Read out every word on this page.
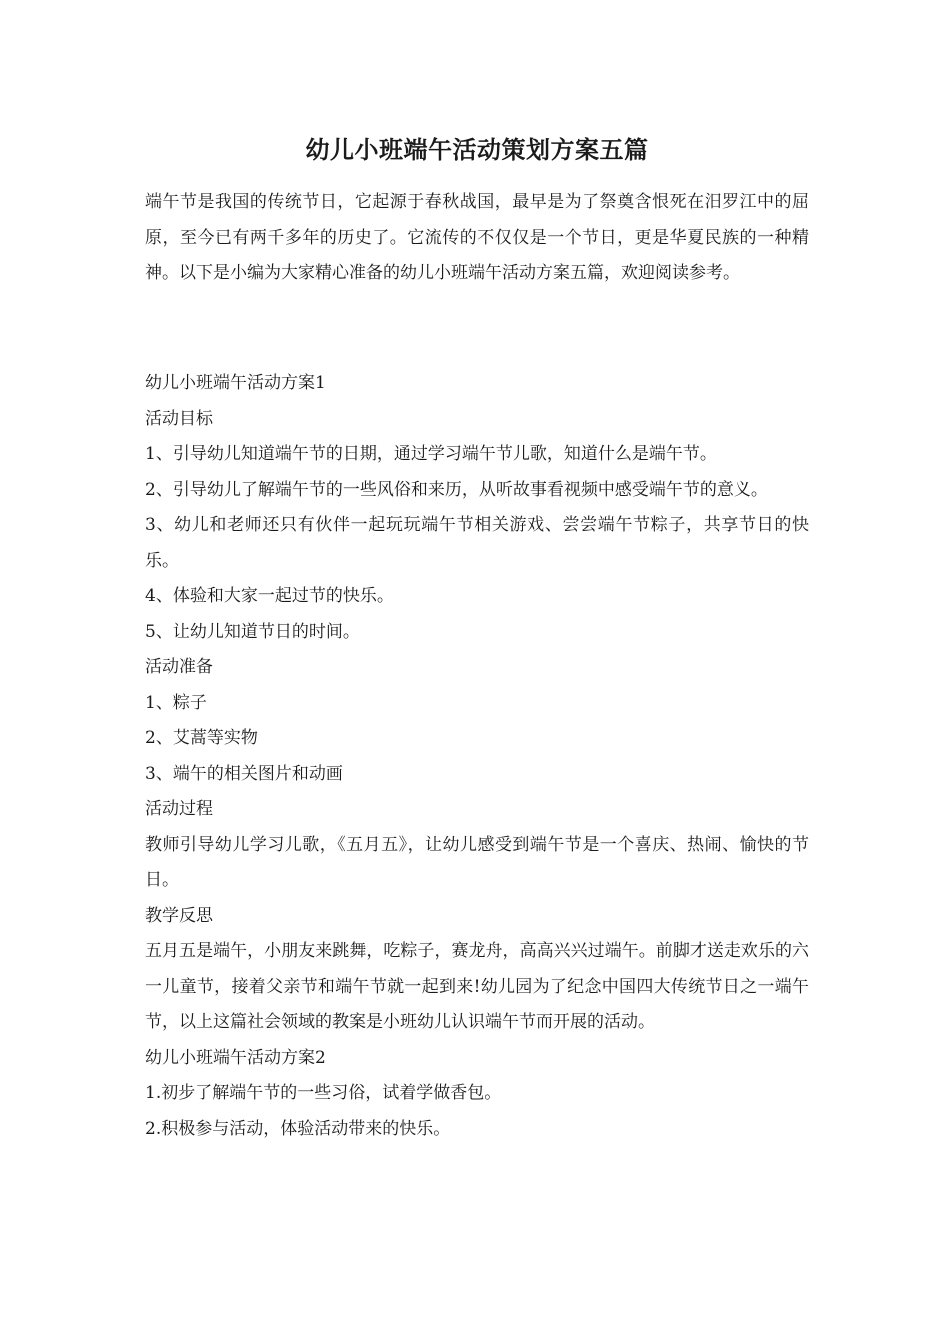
幼儿小班端午活动策划方案五篇

端午节是我国的传统节日，它起源于春秋战国，最早是为了祭奠含恨死在汨罗江中的屈原，至今已有两千多年的历史了。它流传的不仅仅是一个节日，更是华夏民族的一种精神。以下是小编为大家精心准备的幼儿小班端午活动方案五篇，欢迎阅读参考。

幼儿小班端午活动方案1

活动目标

1、引导幼儿知道端午节的日期，通过学习端午节儿歌，知道什么是端午节。

2、引导幼儿了解端午节的一些风俗和来历，从听故事看视频中感受端午节的意义。

3、幼儿和老师还只有伙伴一起玩玩端午节相关游戏、尝尝端午节粽子，共享节日的快乐。

4、体验和大家一起过节的快乐。

5、让幼儿知道节日的时间。

活动准备

1、粽子

2、艾蒿等实物

3、端午的相关图片和动画

活动过程

教师引导幼儿学习儿歌，《五月五》，让幼儿感受到端午节是一个喜庆、热闹、愉快的节日。

教学反思

五月五是端午，小朋友来跳舞，吃粽子，赛龙舟，高高兴兴过端午。前脚才送走欢乐的六一儿童节，接着父亲节和端午节就一起到来!幼儿园为了纪念中国四大传统节日之一端午节，以上这篇社会领域的教案是小班幼儿认识端午节而开展的活动。

幼儿小班端午活动方案2

1.初步了解端午节的一些习俗，试着学做香包。

2.积极参与活动，体验活动带来的快乐。
